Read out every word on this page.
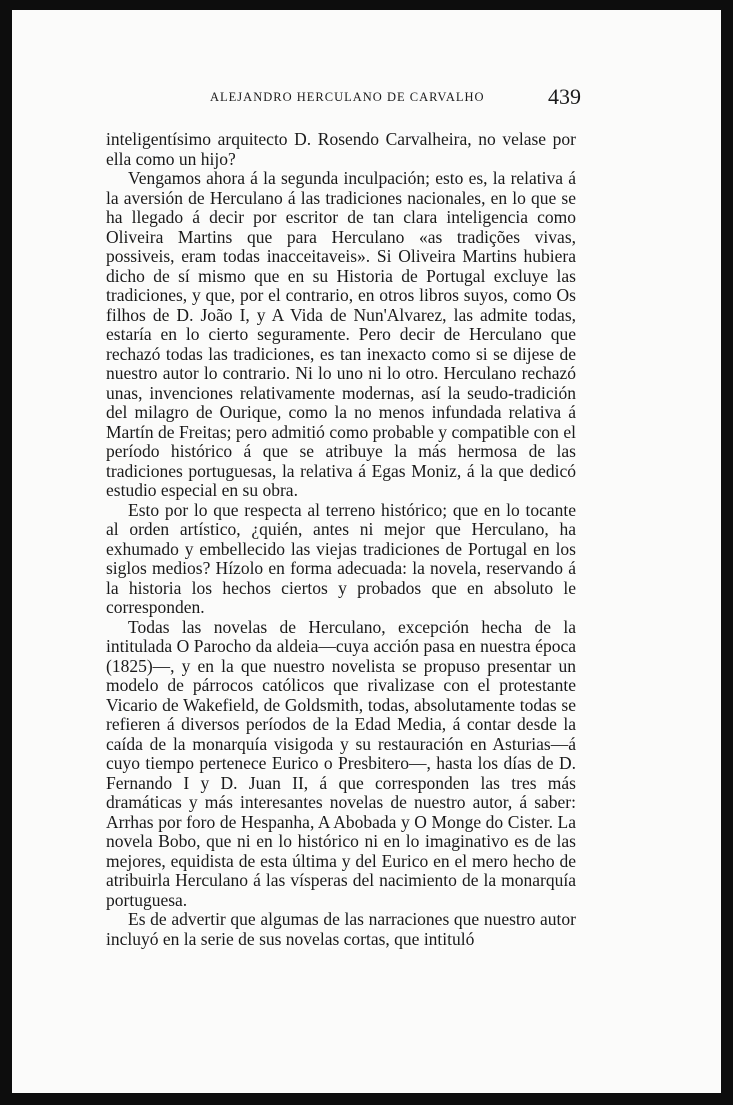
ALEJANDRO HERCULANO DE CARVALHO	439

inteligentísimo arquitecto D. Rosendo Carvalheira, no velase por ella como un hijo?

Vengamos ahora á la segunda inculpación; esto es, la relativa á la aversión de Herculano á las tradiciones nacionales, en lo que se ha llegado á decir por escritor de tan clara inteligencia como Oliveira Martins que para Herculano «as tradições vivas, possiveis, eram todas inacceitaveis». Si Oliveira Martins hubiera dicho de sí mismo que en su Historia de Portugal excluye las tradiciones, y que, por el contrario, en otros libros suyos, como Os filhos de D. João I, y A Vida de Nun'Alvarez, las admite todas, estaría en lo cierto seguramente. Pero decir de Herculano que rechazó todas las tradiciones, es tan inexacto como si se dijese de nuestro autor lo contrario. Ni lo uno ni lo otro. Herculano rechazó unas, invenciones relativamente modernas, así la seudo-tradición del milagro de Ourique, como la no menos infundada relativa á Martín de Freitas; pero admitió como probable y compatible con el período histórico á que se atribuye la más hermosa de las tradiciones portuguesas, la relativa á Egas Moniz, á la que dedicó estudio especial en su obra.

Esto por lo que respecta al terreno histórico; que en lo tocante al orden artístico, ¿quién, antes ni mejor que Herculano, ha exhumado y embellecido las viejas tradiciones de Portugal en los siglos medios? Hízolo en forma adecuada: la novela, reservando á la historia los hechos ciertos y probados que en absoluto le corresponden.

Todas las novelas de Herculano, excepción hecha de la intitulada O Parocho da aldeia—cuya acción pasa en nuestra época (1825)—, y en la que nuestro novelista se propuso presentar un modelo de párrocos católicos que rivalizase con el protestante Vicario de Wakefield, de Goldsmith, todas, absolutamente todas se refieren á diversos períodos de la Edad Media, á contar desde la caída de la monarquía visigoda y su restauración en Asturias—á cuyo tiempo pertenece Eurico o Presbitero—, hasta los días de D. Fernando I y D. Juan II, á que corresponden las tres más dramáticas y más interesantes novelas de nuestro autor, á saber: Arrhas por foro de Hespanha, A Abobada y O Monge do Cister. La novela Bobo, que ni en lo histórico ni en lo imaginativo es de las mejores, equidista de esta última y del Eurico en el mero hecho de atribuirla Herculano á las vísperas del nacimiento de la monarquía portuguesa.

Es de advertir que algumas de las narraciones que nuestro autor incluyó en la serie de sus novelas cortas, que intituló
